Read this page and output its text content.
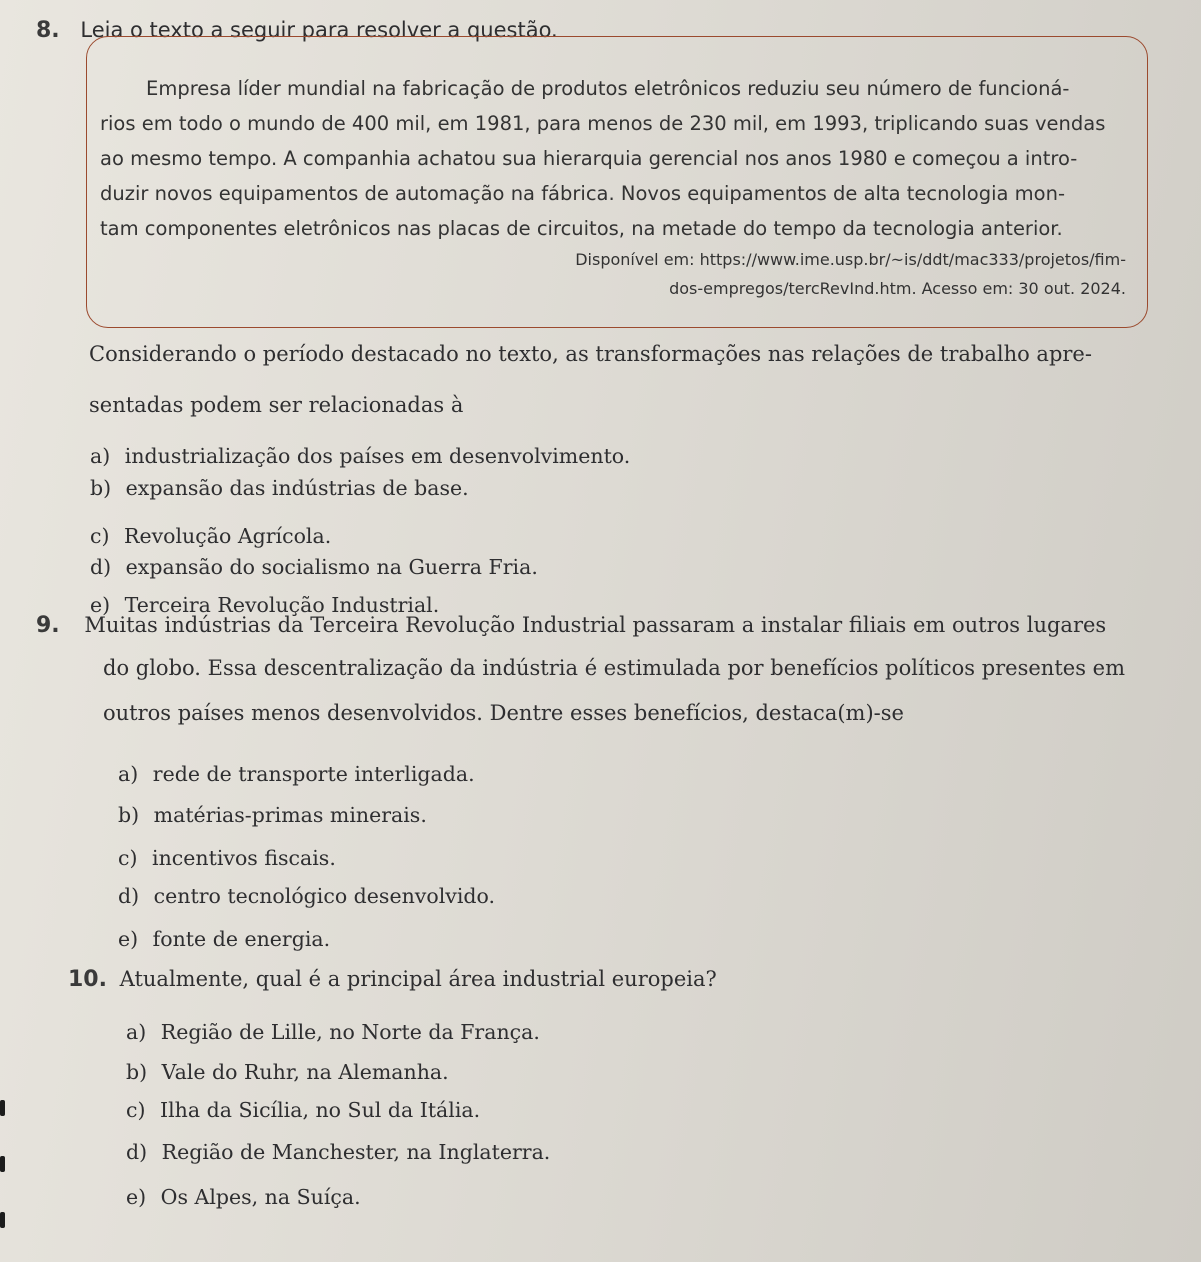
8. Leia o texto a seguir para resolver a questão.
Empresa líder mundial na fabricação de produtos eletrônicos reduziu seu número de funcioná-
rios em todo o mundo de 400 mil, em 1981, para menos de 230 mil, em 1993, triplicando suas vendas
ao mesmo tempo. A companhia achatou sua hierarquia gerencial nos anos 1980 e começou a intro-
duzir novos equipamentos de automação na fábrica. Novos equipamentos de alta tecnologia mon-
tam componentes eletrônicos nas placas de circuitos, na metade do tempo da tecnologia anterior.
Disponível em: https://www.ime.usp.br/~is/ddt/mac333/projetos/fim-
dos-empregos/tercRevInd.htm. Acesso em: 30 out. 2024.
Considerando o período destacado no texto, as transformações nas relações de trabalho apre-
sentadas podem ser relacionadas à
a) industrialização dos países em desenvolvimento.
b) expansão das indústrias de base.
c) Revolução Agrícola.
d) expansão do socialismo na Guerra Fria.
e) Terceira Revolução Industrial.
9. Muitas indústrias da Terceira Revolução Industrial passaram a instalar filiais em outros lugares
do globo. Essa descentralização da indústria é estimulada por benefícios políticos presentes em
outros países menos desenvolvidos. Dentre esses benefícios, destaca(m)-se
a) rede de transporte interligada.
b) matérias-primas minerais.
c) incentivos fiscais.
d) centro tecnológico desenvolvido.
e) fonte de energia.
10. Atualmente, qual é a principal área industrial europeia?
a) Região de Lille, no Norte da França.
b) Vale do Ruhr, na Alemanha.
c) Ilha da Sicília, no Sul da Itália.
d) Região de Manchester, na Inglaterra.
e) Os Alpes, na Suíça.
